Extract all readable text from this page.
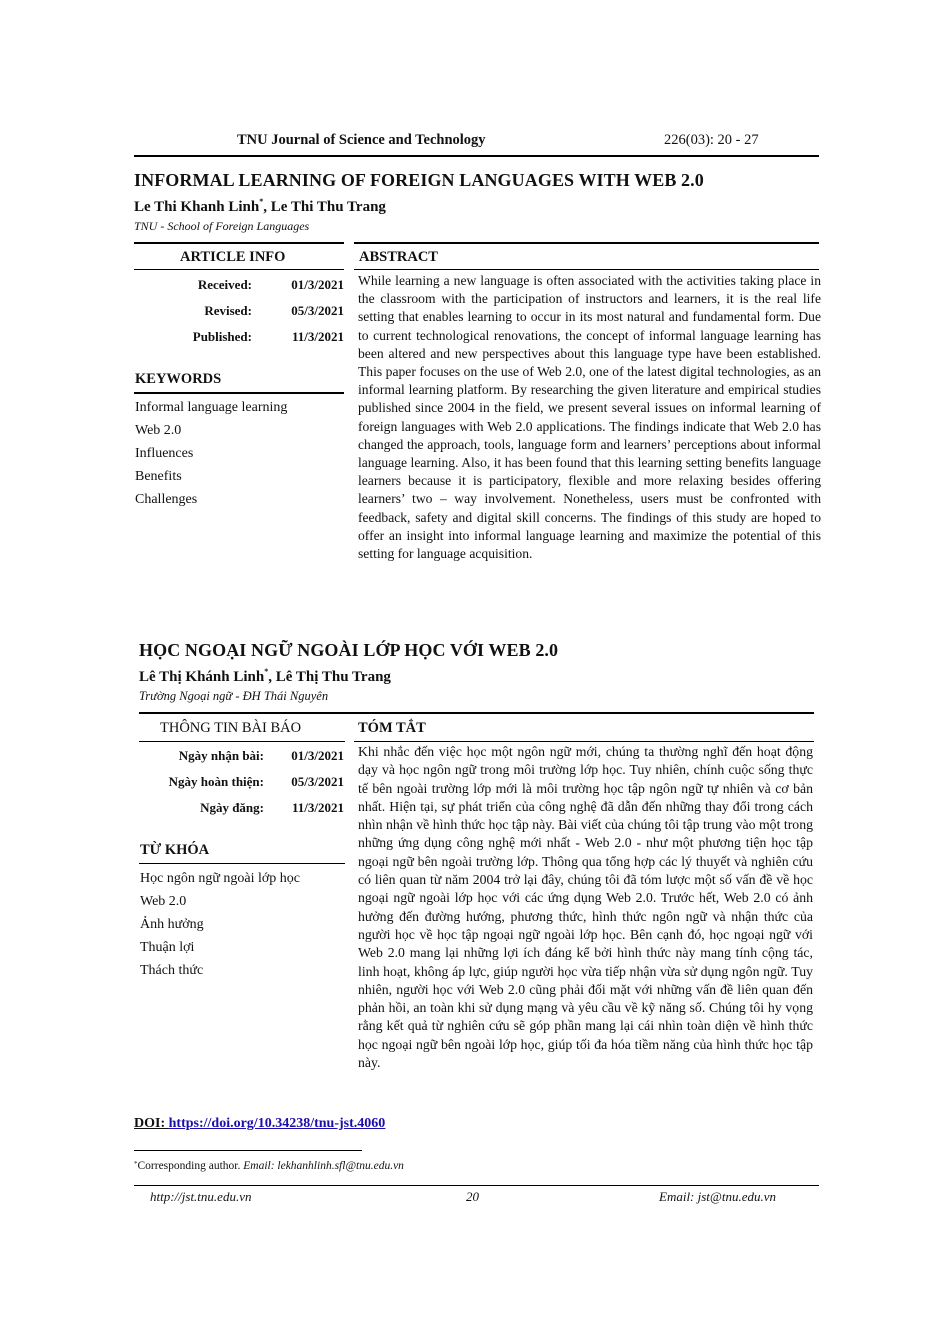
TNU Journal of Science and Technology	226(03): 20 - 27
INFORMAL LEARNING OF FOREIGN LANGUAGES WITH WEB 2.0
Le Thi Khanh Linh*, Le Thi Thu Trang
TNU - School of Foreign Languages
ARTICLE INFO	ABSTRACT
Received:	01/3/2021
Revised:	05/3/2021
Published:	11/3/2021
KEYWORDS
Informal language learning
Web 2.0
Influences
Benefits
Challenges
While learning a new language is often associated with the activities taking place in the classroom with the participation of instructors and learners, it is the real life setting that enables learning to occur in its most natural and fundamental form. Due to current technological renovations, the concept of informal language learning has been altered and new perspectives about this language type have been established. This paper focuses on the use of Web 2.0, one of the latest digital technologies, as an informal learning platform. By researching the given literature and empirical studies published since 2004 in the field, we present several issues on informal learning of foreign languages with Web 2.0 applications. The findings indicate that Web 2.0 has changed the approach, tools, language form and learners’ perceptions about informal language learning. Also, it has been found that this learning setting benefits language learners because it is participatory, flexible and more relaxing besides offering learners’ two – way involvement. Nonetheless, users must be confronted with feedback, safety and digital skill concerns. The findings of this study are hoped to offer an insight into informal language learning and maximize the potential of this setting for language acquisition.
HỌC NGOẠI NGỮ NGOÀI LỚP HỌC VỚI WEB 2.0
Lê Thị Khánh Linh*, Lê Thị Thu Trang
Trường Ngoại ngữ - ĐH Thái Nguyên
THÔNG TIN BÀI BÁO	TÓM TẮT
Ngày nhận bài:	01/3/2021
Ngày hoàn thiện:	05/3/2021
Ngày đăng:	11/3/2021
TỪ KHÓA
Học ngôn ngữ ngoài lớp học
Web 2.0
Ảnh hưởng
Thuận lợi
Thách thức
Khi nhắc đến việc học một ngôn ngữ mới, chúng ta thường nghĩ đến hoạt động dạy và học ngôn ngữ trong môi trường lớp học. Tuy nhiên, chính cuộc sống thực tế bên ngoài trường lớp mới là môi trường học tập ngôn ngữ tự nhiên và cơ bản nhất. Hiện tại, sự phát triển của công nghệ đã dẫn đến những thay đổi trong cách nhìn nhận về hình thức học tập này. Bài viết của chúng tôi tập trung vào một trong những ứng dụng công nghệ mới nhất - Web 2.0 - như một phương tiện học tập ngoại ngữ bên ngoài trường lớp. Thông qua tổng hợp các lý thuyết và nghiên cứu có liên quan từ năm 2004 trở lại đây, chúng tôi đã tóm lược một số vấn đề về học ngoại ngữ ngoài lớp học với các ứng dụng Web 2.0. Trước hết, Web 2.0 có ảnh hưởng đến đường hướng, phương thức, hình thức ngôn ngữ và nhận thức của người học về học tập ngoại ngữ ngoài lớp học. Bên cạnh đó, học ngoại ngữ với Web 2.0 mang lại những lợi ích đáng kể bởi hình thức này mang tính cộng tác, linh hoạt, không áp lực, giúp người học vừa tiếp nhận vừa sử dụng ngôn ngữ. Tuy nhiên, người học với Web 2.0 cũng phải đối mặt với những vấn đề liên quan đến phản hồi, an toàn khi sử dụng mạng và yêu cầu về kỹ năng số. Chúng tôi hy vọng rằng kết quả từ nghiên cứu sẽ góp phần mang lại cái nhìn toàn diện về hình thức học ngoại ngữ bên ngoài lớp học, giúp tối đa hóa tiềm năng của hình thức học tập này.
DOI: https://doi.org/10.34238/tnu-jst.4060
*Corresponding author. Email: lekhanhlinh.sfl@tnu.edu.vn
http://jst.tnu.edu.vn	20	Email: jst@tnu.edu.vn
